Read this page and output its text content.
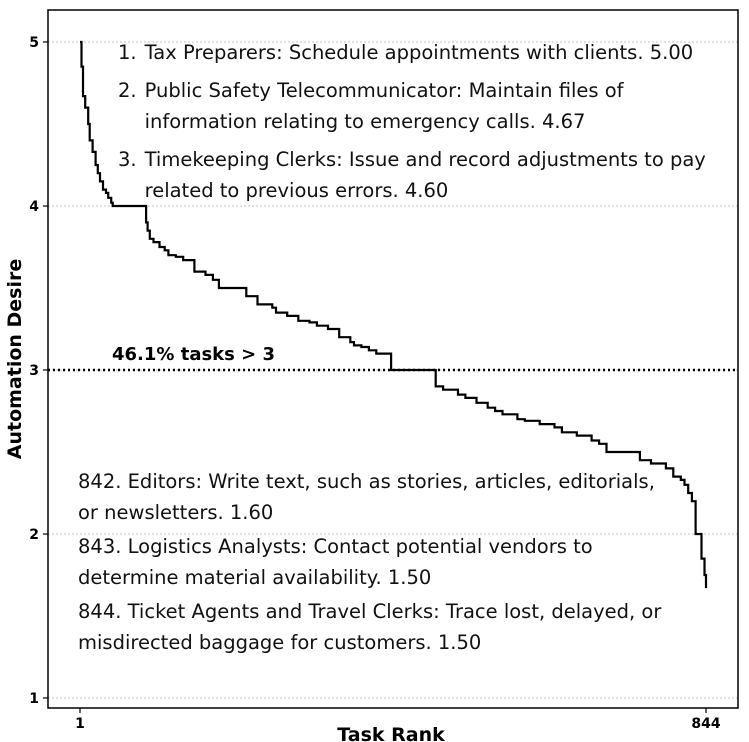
46.1% tasks > 3
1
2
3
4
5
1	844
Automation Desire
Task Rank
1. Tax Preparers: Schedule appointments with clients. 5.00
2. Public Safety Telecommunicator: Maintain files of information relating to emergency calls. 4.67
3. Timekeeping Clerks: Issue and record adjustments to pay related to previous errors. 4.60
842. Editors: Write text, such as stories, articles, editorials, or newsletters. 1.60
843. Logistics Analysts: Contact potential vendors to determine material availability. 1.50
844. Ticket Agents and Travel Clerks: Trace lost, delayed, or misdirected baggage for customers. 1.50
